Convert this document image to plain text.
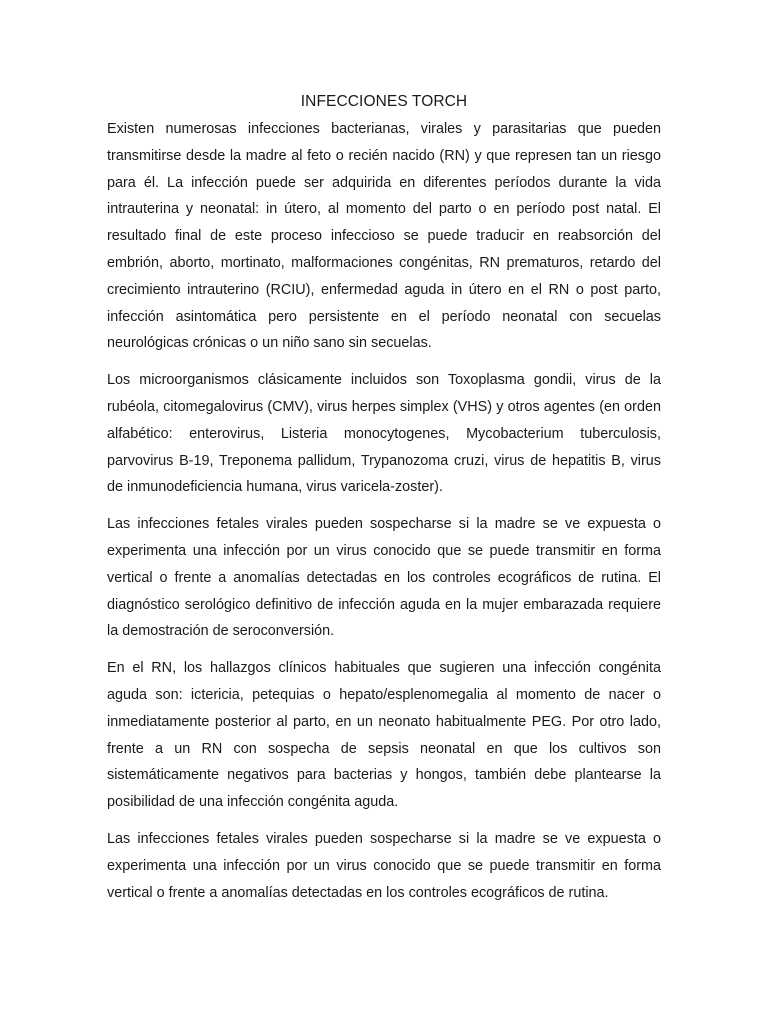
INFECCIONES TORCH

Existen numerosas infecciones bacterianas, virales y parasitarias que pueden transmitirse desde la madre al feto o recién nacido (RN) y que represen tan un riesgo para él. La infección puede ser adquirida en diferentes períodos durante la vida intrauterina y neonatal: in útero, al momento del parto o en período post natal. El resultado final de este proceso infeccioso se puede traducir en reabsorción del embrión, aborto, mortinato, malformaciones congénitas, RN prematuros, retardo del crecimiento intrauterino (RCIU), enfermedad aguda in útero en el RN o post parto, infección asintomática pero persistente en el período neonatal con secuelas neurológicas crónicas o un niño sano sin secuelas.

Los microorganismos clásicamente incluidos son Toxoplasma gondii, virus de la rubéola, citomegalovirus (CMV), virus herpes simplex (VHS) y otros agentes (en orden alfabético: enterovirus, Listeria monocytogenes, Mycobacterium tuberculosis, parvovirus B-19, Treponema pallidum, Trypanozoma cruzi, virus de hepatitis B, virus de inmunodeficiencia humana, virus varicela-zoster).

Las infecciones fetales virales pueden sospecharse si la madre se ve expuesta o experimenta una infección por un virus conocido que se puede transmitir en forma vertical o frente a anomalías detectadas en los controles ecográficos de rutina. El diagnóstico serológico definitivo de infección aguda en la mujer embarazada requiere la demostración de seroconversión.

En el RN, los hallazgos clínicos habituales que sugieren una infección congénita aguda son: ictericia, petequias o hepato/esplenomegalia al momento de nacer o inmediatamente posterior al parto, en un neonato habitualmente PEG. Por otro lado, frente a un RN con sospecha de sepsis neonatal en que los cultivos son sistemáticamente negativos para bacterias y hongos, también debe plantearse la posibilidad de una infección congénita aguda.

Las infecciones fetales virales pueden sospecharse si la madre se ve expuesta o experimenta una infección por un virus conocido que se puede transmitir en forma vertical o frente a anomalías detectadas en los controles ecográficos de rutina.
